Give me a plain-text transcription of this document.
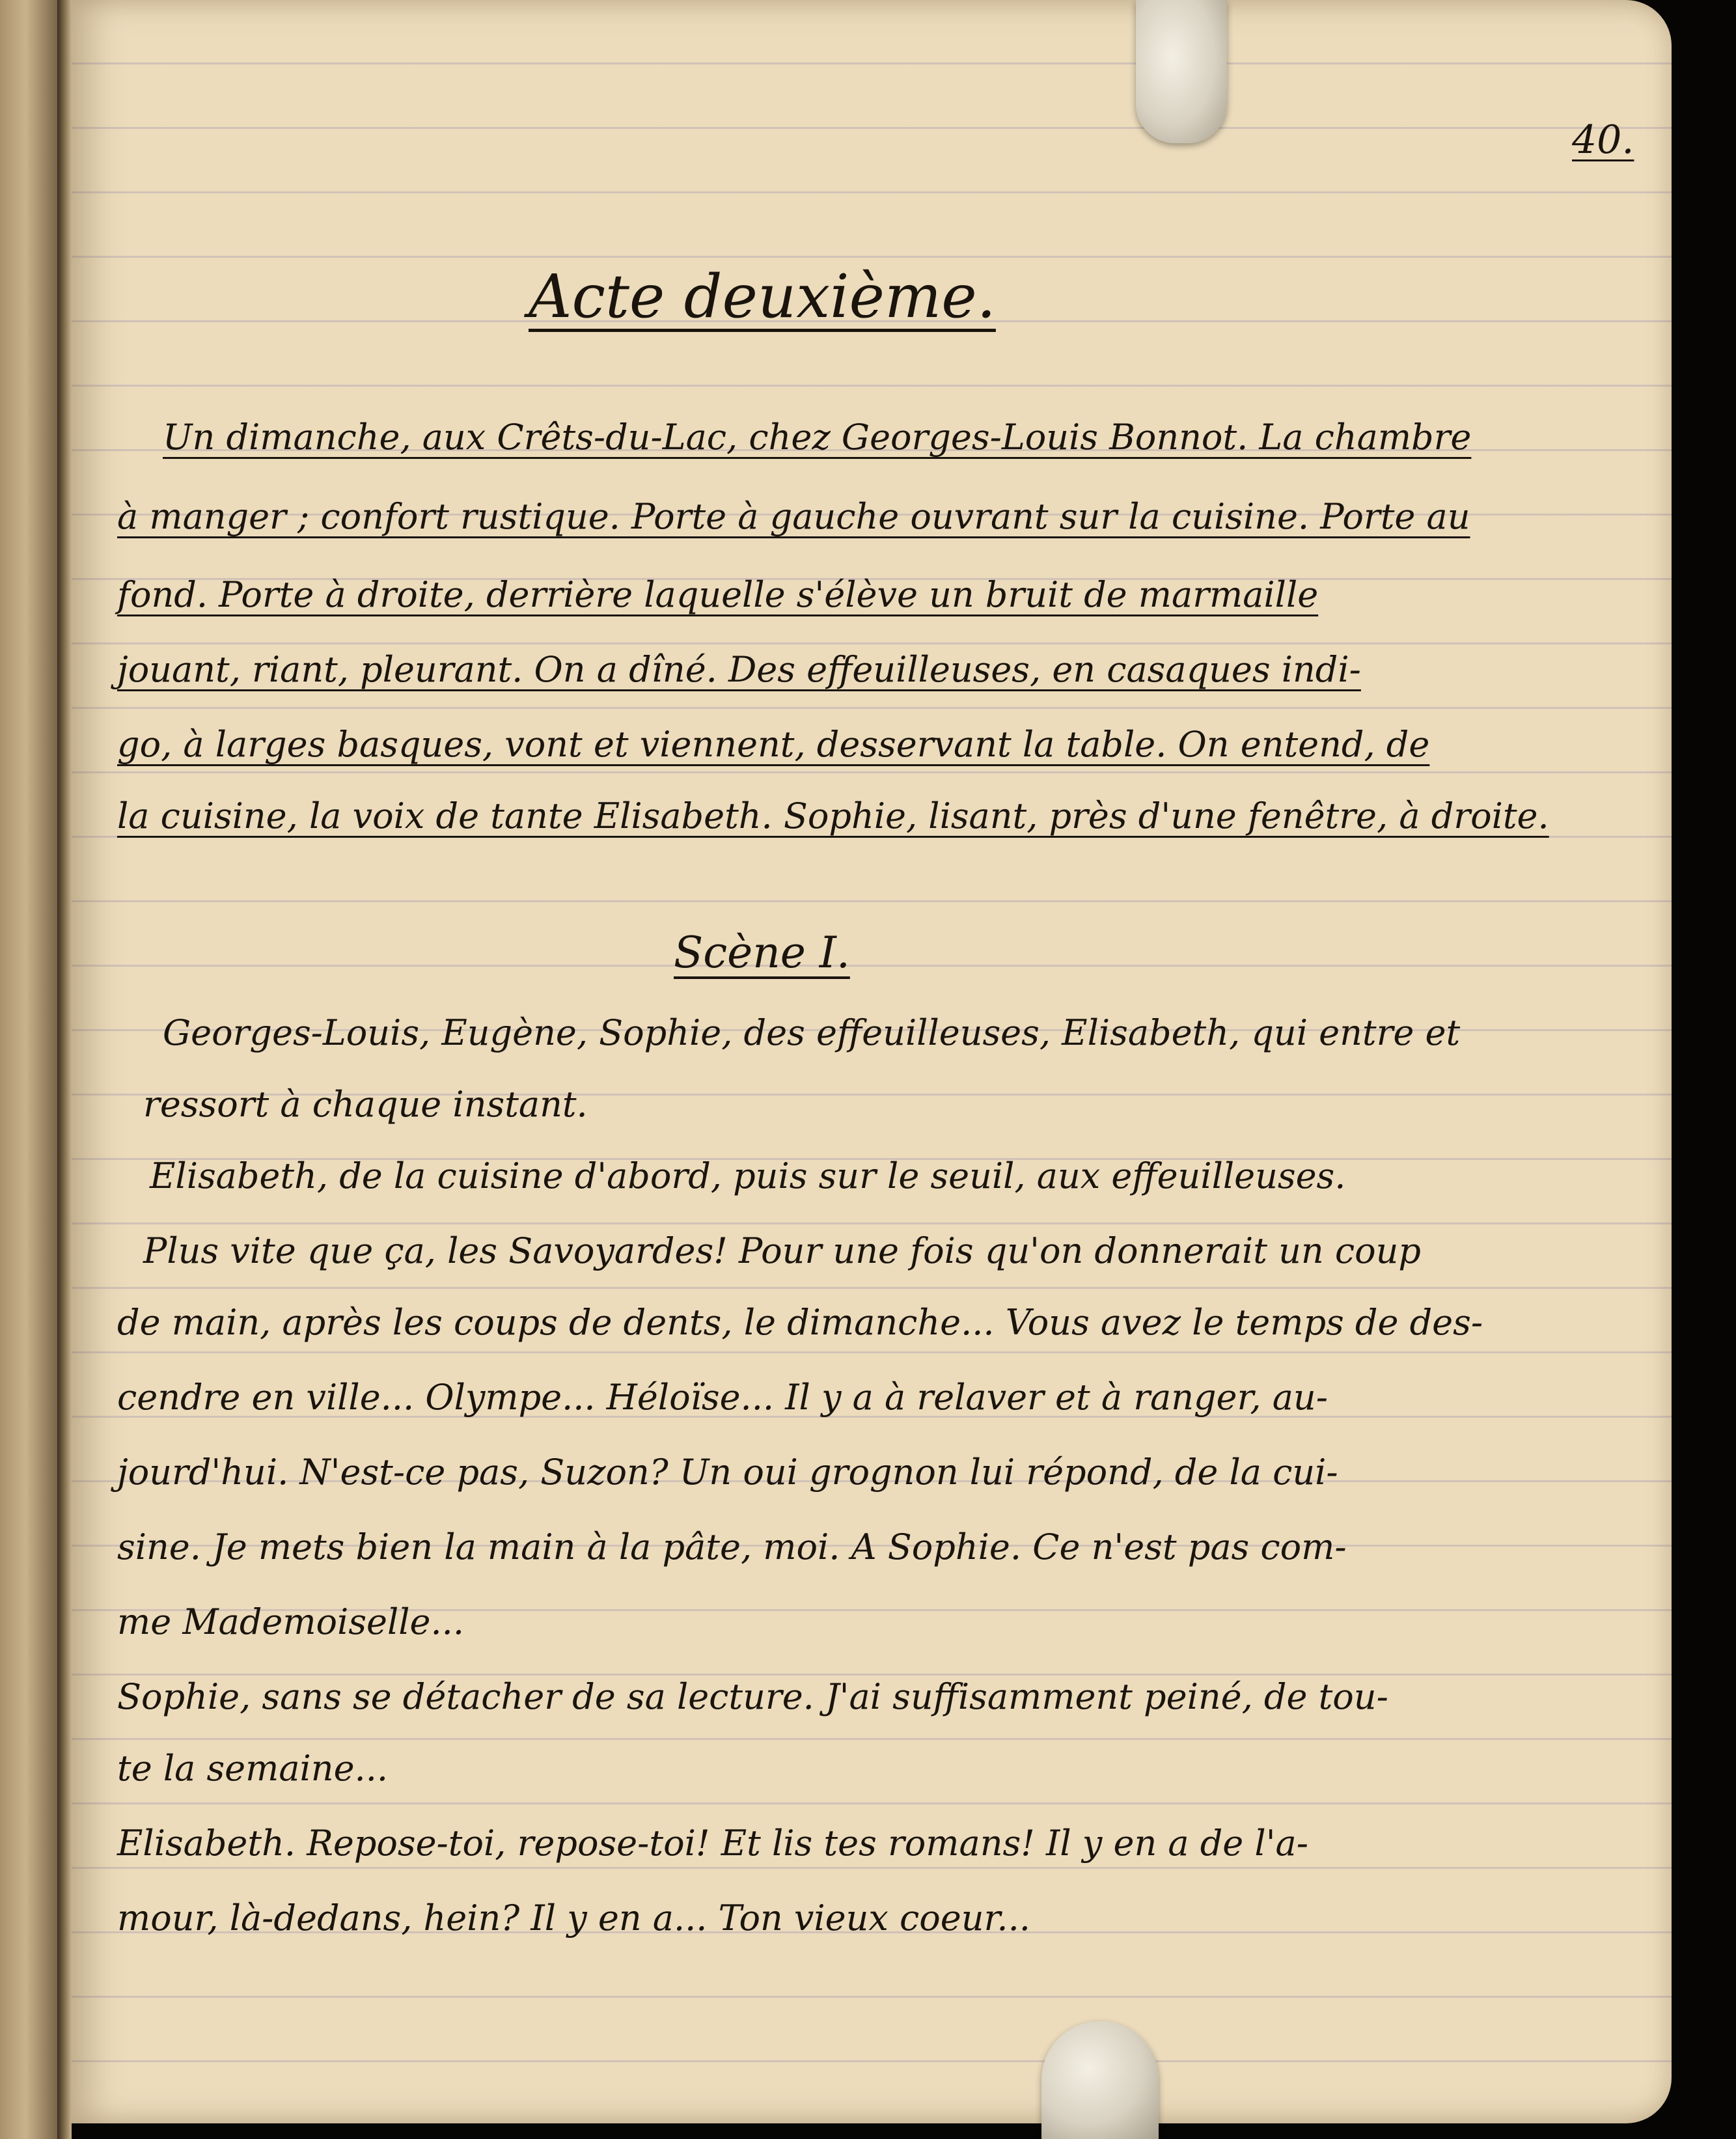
40.
Acte deuxième.
Un dimanche, aux Crêts-du-Lac, chez Georges-Louis Bonnot. La chambre
à manger ; confort rustique. Porte à gauche ouvrant sur la cuisine. Porte au
fond. Porte à droite, derrière laquelle s'élève un bruit de marmaille
jouant, riant, pleurant. On a dîné. Des effeuilleuses, en casaques indi-
go, à larges basques, vont et viennent, desservant la table. On entend, de
la cuisine, la voix de tante Elisabeth. Sophie, lisant, près d'une fenêtre, à droite.
Scène I.
Georges-Louis, Eugène, Sophie, des effeuilleuses, Elisabeth, qui entre et
ressort à chaque instant.
Elisabeth, de la cuisine d'abord, puis sur le seuil, aux effeuilleuses.
Plus vite que ça, les Savoyardes! Pour une fois qu'on donnerait un coup
de main, après les coups de dents, le dimanche... Vous avez le temps de des-
cendre en ville... Olympe... Héloïse... Il y a à relaver et à ranger, au-
jourd'hui. N'est-ce pas, Suzon? Un oui grognon lui répond, de la cui-
sine. Je mets bien la main à la pâte, moi. A Sophie. Ce n'est pas com-
me Mademoiselle...
Sophie, sans se détacher de sa lecture. J'ai suffisamment peiné, de tou-
te la semaine...
Elisabeth. Repose-toi, repose-toi! Et lis tes romans! Il y en a de l'a-
mour, là-dedans, hein? Il y en a... Ton vieux coeur...
